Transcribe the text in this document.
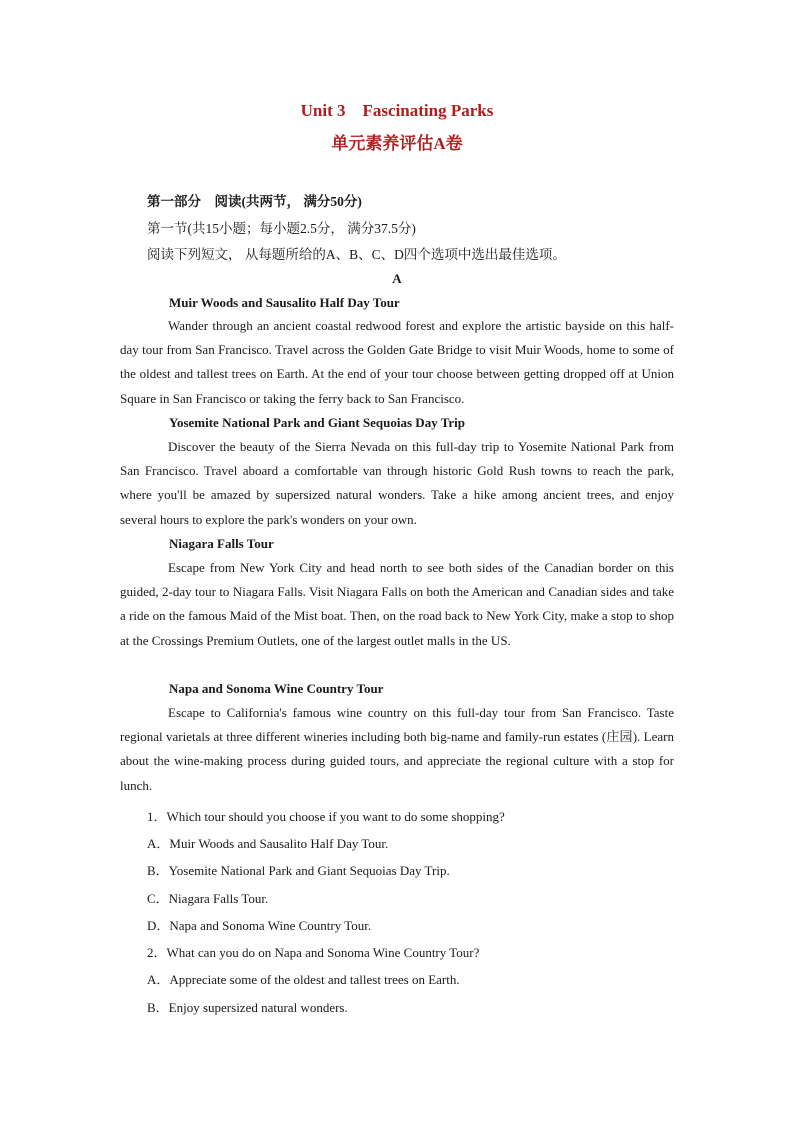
Unit 3　Fascinating Parks
单元素养评估A卷
第一部分　阅读(共两节， 满分50分)
第一节(共15小题；每小题2.5分， 满分37.5分)
阅读下列短文， 从每题所给的A、B、C、D四个选项中选出最佳选项。
A
Muir Woods and Sausalito Half Day Tour

Wander through an ancient coastal redwood forest and explore the artistic bayside on this half-day tour from San Francisco. Travel across the Golden Gate Bridge to visit Muir Woods, home to some of the oldest and tallest trees on Earth. At the end of your tour choose between getting dropped off at Union Square in San Francisco or taking the ferry back to San Francisco.

Yosemite National Park and Giant Sequoias Day Trip

Discover the beauty of the Sierra Nevada on this full-day trip to Yosemite National Park from San Francisco. Travel aboard a comfortable van through historic Gold Rush towns to reach the park, where you'll be amazed by supersized natural wonders. Take a hike among ancient trees, and enjoy several hours to explore the park's wonders on your own.

Niagara Falls Tour

Escape from New York City and head north to see both sides of the Canadian border on this guided, 2-day tour to Niagara Falls. Visit Niagara Falls on both the American and Canadian sides and take a ride on the famous Maid of the Mist boat. Then, on the road back to New York City, make a stop to shop at the Crossings Premium Outlets, one of the largest outlet malls in the US.

Napa and Sonoma Wine Country Tour

Escape to California's famous wine country on this full-day tour from San Francisco. Taste regional varietals at three different wineries including both big-name and family-run estates (庄园). Learn about the wine-making process during guided tours, and appreciate the regional culture with a stop for lunch.

1．Which tour should you choose if you want to do some shopping?
A．Muir Woods and Sausalito Half Day Tour.
B．Yosemite National Park and Giant Sequoias Day Trip.
C．Niagara Falls Tour.
D．Napa and Sonoma Wine Country Tour.
2．What can you do on Napa and Sonoma Wine Country Tour?
A．Appreciate some of the oldest and tallest trees on Earth.
B．Enjoy supersized natural wonders.
